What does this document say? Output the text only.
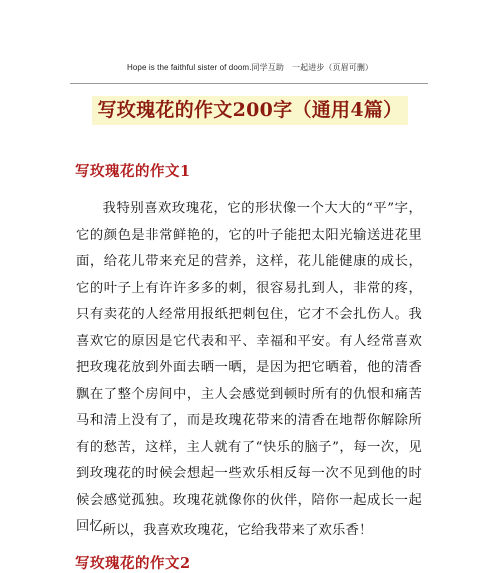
Hope is the faithful sister of doom.同学互助　一起进步（页眉可删）
写玫瑰花的作文200字（通用4篇）
写玫瑰花的作文1

我特别喜欢玫瑰花，它的形状像一个大大的“平”字，它的颜色是非常鲜艳的，它的叶子能把太阳光输送进花里面，给花儿带来充足的营养，这样，花儿能健康的成长，它的叶子上有许许多多的刺，很容易扎到人，非常的疼，只有卖花的人经常用报纸把刺包住，它才不会扎伤人。我喜欢它的原因是它代表和平、幸福和平安。有人经常喜欢把玫瑰花放到外面去晒一晒，是因为把它晒着，他的清香飘在了整个房间中，主人会感觉到顿时所有的仇恨和痛苦马和清上没有了，而是玫瑰花带来的清香在地帮你解除所有的愁苦，这样，主人就有了“快乐的脑子”，每一次，见到玫瑰花的时候会想起一些欢乐相反每一次不见到他的时候会感觉孤独。玫瑰花就像你的伙伴，陪你一起成长一起回忆。

所以，我喜欢玫瑰花，它给我带来了欢乐香！

写玫瑰花的作文2
